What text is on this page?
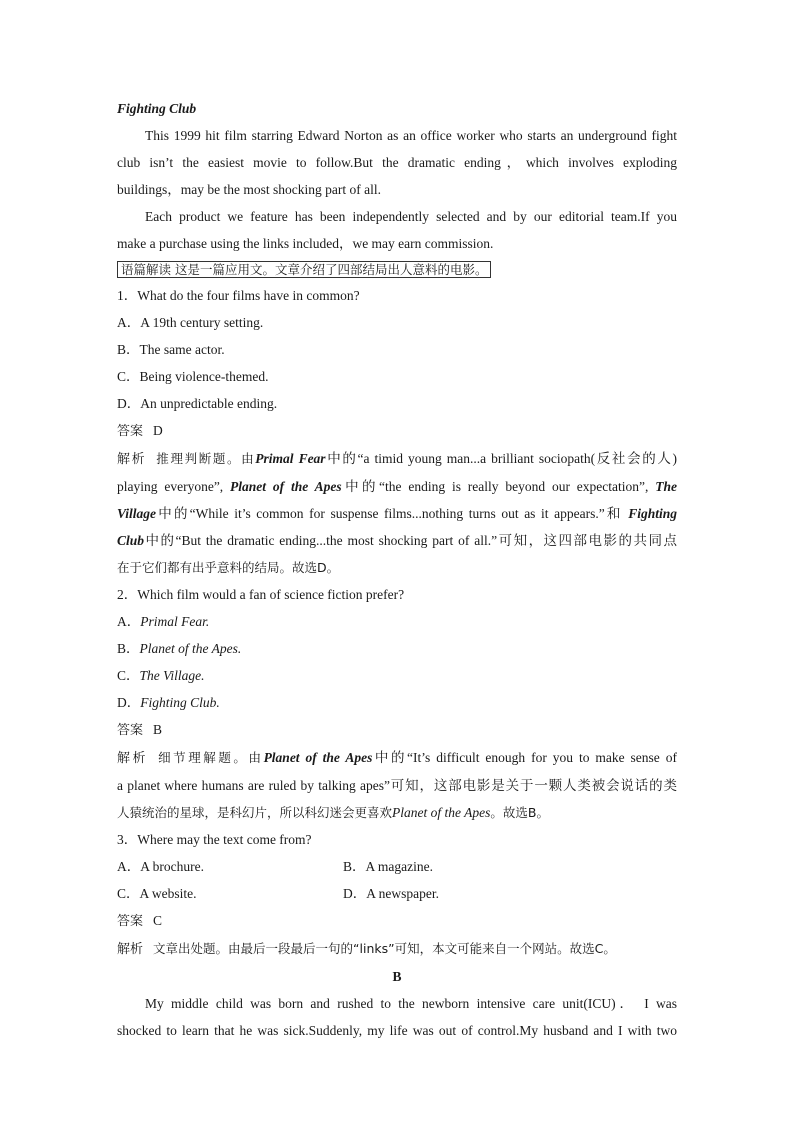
Fighting Club
This 1999 hit film starring Edward Norton as an office worker who starts an underground fight
club isn’t the easiest movie to follow.But the dramatic ending，which involves exploding
buildings，may be the most shocking part of all.
Each product we feature has been independently selected and by our editorial team.If you
make a purchase using the links included，we may earn commission.
语篇解读 这是一篇应用文。文章介绍了四部结局出人意料的电影。
1．What do the four films have in common?
A．A 19th century setting.
B．The same actor.
C．Being violence-themed.
D．An unpredictable ending.
答案 D
解析 推理判断题。由Primal Fear中的“a timid young man...a brilliant sociopath(反社会的人)
playing everyone”, Planet of the Apes中的“the ending is really beyond our expectation”, The
Village中的“While it’s common for suspense films...nothing turns out as it appears.”和 Fighting
Club中的“But the dramatic ending...the most shocking part of all.”可知，这四部电影的共同点
在于它们都有出乎意料的结局。故选D。
2．Which film would a fan of science fiction prefer?
A．Primal Fear.
B．Planet of the Apes.
C．The Village.
D．Fighting Club.
答案 B
解析 细节理解题。由Planet of the Apes中的“It’s difficult enough for you to make sense of
a planet where humans are ruled by talking apes”可知，这部电影是关于一颗人类被会说话的类
人猿统治的星球，是科幻片，所以科幻迷会更喜欢Planet of the Apes。故选B。
3．Where may the text come from?
A．A brochure.	B．A magazine.
C．A website.	D．A newspaper.
答案 C
解析 文章出处题。由最后一段最后一句的“links”可知，本文可能来自一个网站。故选C。
B
My middle child was born and rushed to the newborn intensive care unit(ICU)． I was
shocked to learn that he was sick.Suddenly, my life was out of control.My husband and I with two
